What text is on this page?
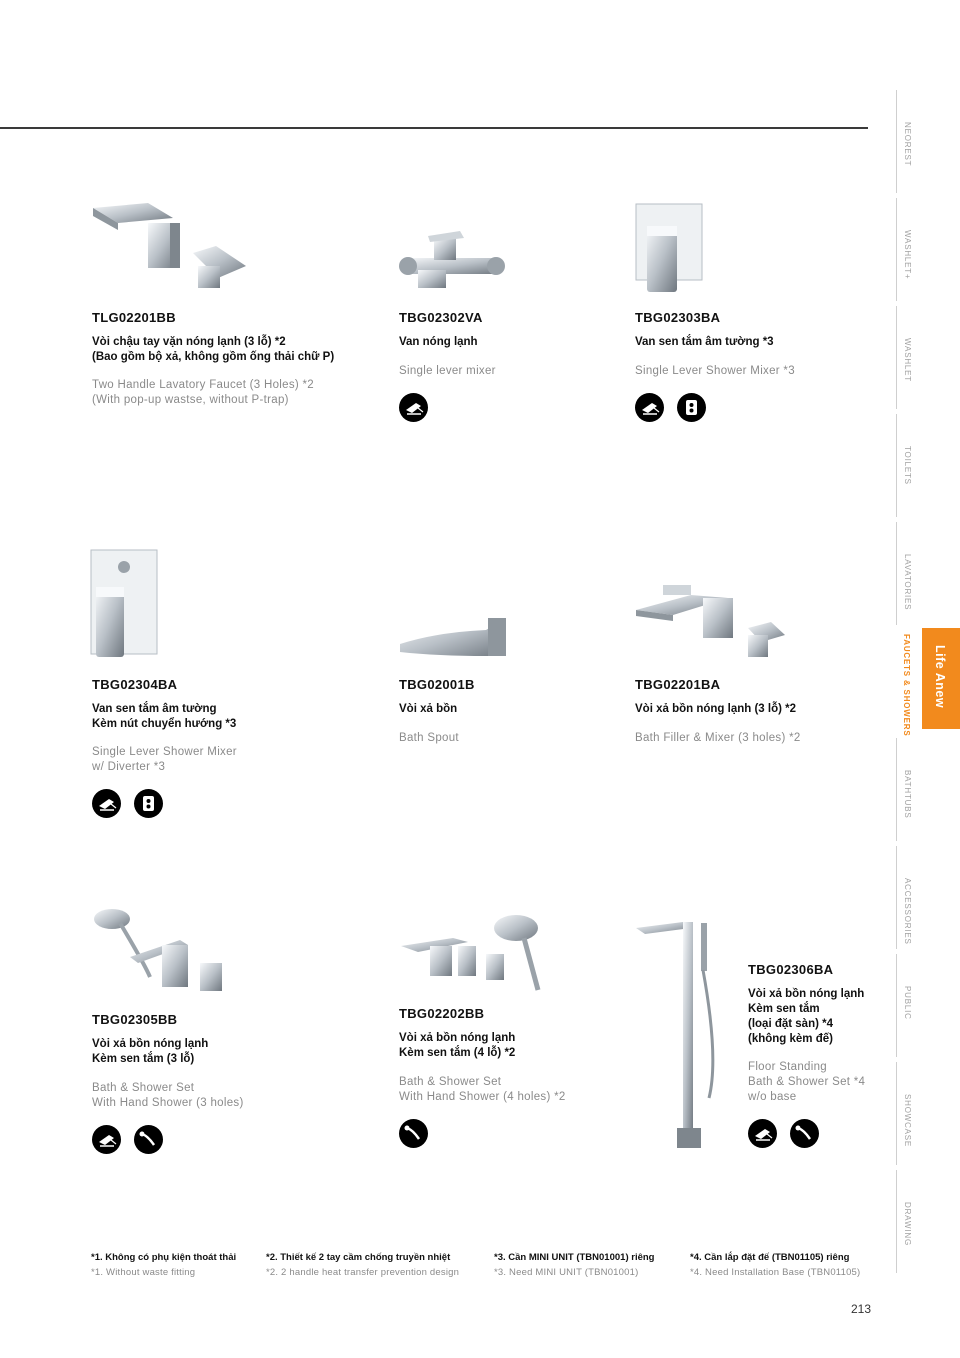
TLG02201BB
Vòi chậu tay vặn nóng lạnh (3 lỗ) *2
(Bao gồm bộ xả, không gồm ống thải chữ P)
Two Handle Lavatory Faucet (3 Holes) *2
(With pop-up wastse, without P-trap)
TBG02302VA
Van nóng lạnh
Single lever mixer
TBG02303BA
Van sen tắm âm tường *3
Single Lever Shower Mixer *3
TBG02304BA
Van sen tắm âm tường
Kèm nút chuyển hướng *3
Single Lever Shower Mixer
w/ Diverter *3
TBG02001B
Vòi xả bồn
Bath Spout
TBG02201BA
Vòi xả bồn nóng lạnh (3 lỗ) *2
Bath Filler & Mixer (3 holes) *2
TBG02305BB
Vòi xả bồn nóng lạnh
Kèm sen tắm (3 lỗ)
Bath & Shower Set
With Hand Shower (3 holes)
TBG02202BB
Vòi xả bồn nóng lạnh
Kèm sen tắm (4 lỗ) *2
Bath & Shower Set
With Hand Shower (4 holes) *2
TBG02306BA
Vòi xả bồn nóng lạnh
Kèm sen tắm
(loại đặt sàn) *4
(không kèm đế)
Floor Standing
Bath & Shower Set *4
w/o base
NEOREST
WASHLET+
WASHLET
TOILETS
LAVATORIES
FAUCETS & SHOWERS
BATHTUBS
ACCESSORIES
PUBLIC
SHOWCASE
DRAWING
Life Anew
*1. Không có phụ kiện thoát thải
*1. Without waste fitting
*2. Thiết kế 2 tay cầm chống truyền nhiệt
*2. 2 handle heat transfer prevention design
*3. Cần MINI UNIT (TBN01001) riêng
*3. Need MINI UNIT (TBN01001)
*4. Cần lắp đặt đế (TBN01105) riêng
*4. Need Installation Base (TBN01105)
213
